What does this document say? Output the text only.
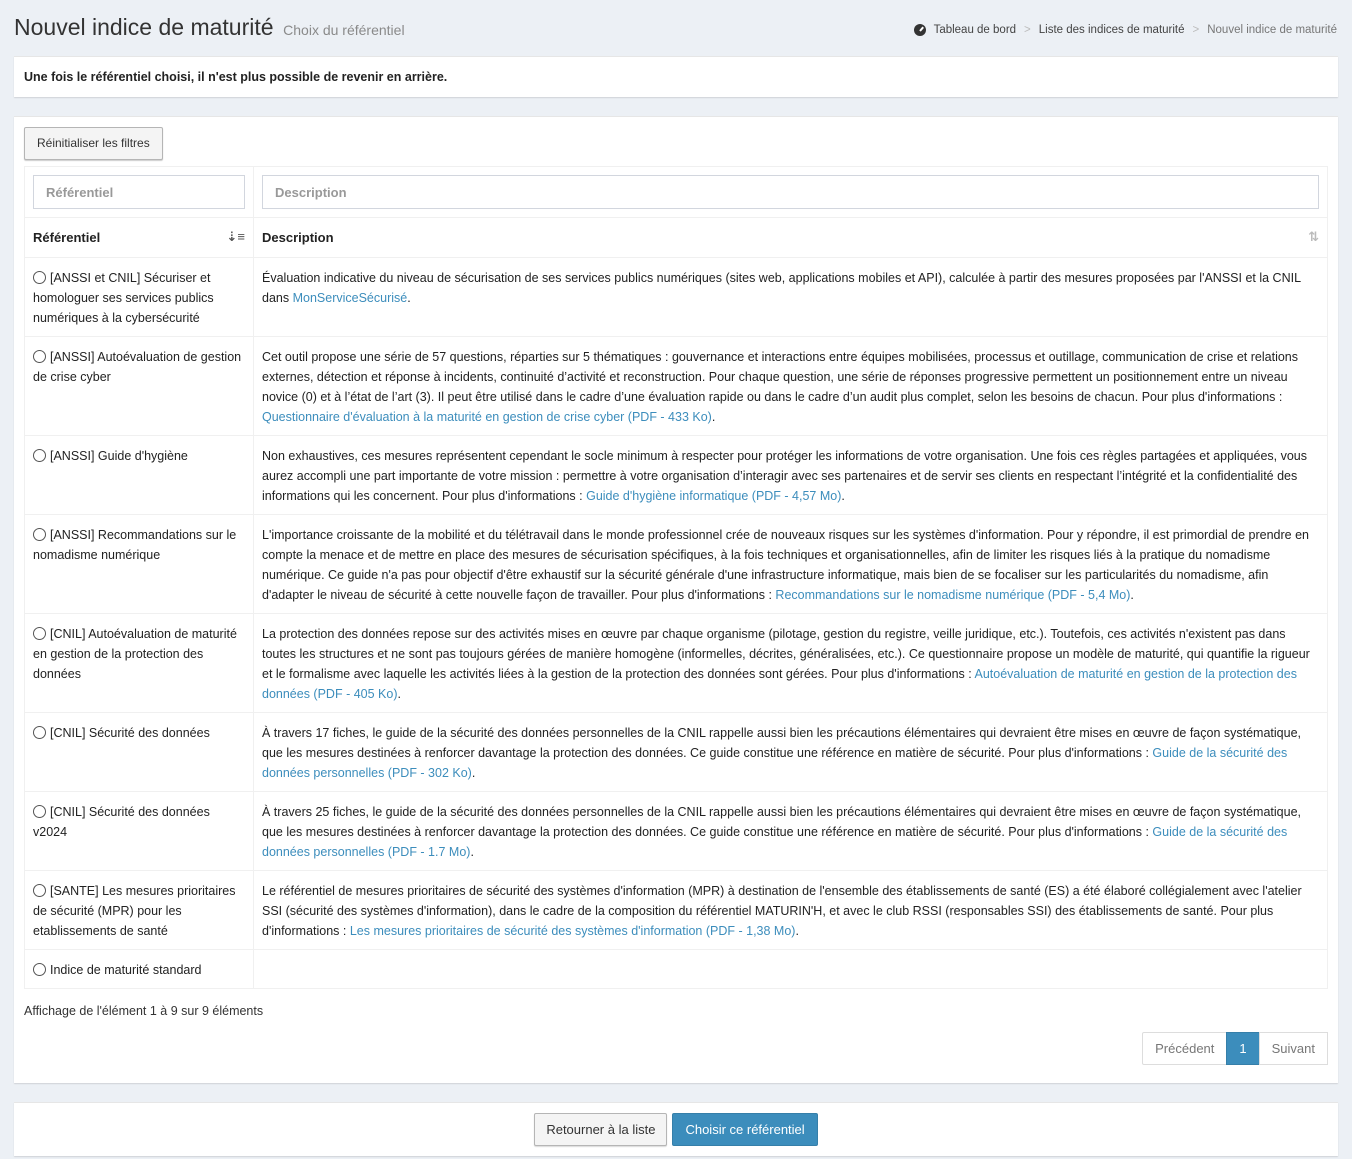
Nouvel indice de maturité Choix du référentiel	Tableau de bord > Liste des indices de maturité > Nouvel indice de maturité
Une fois le référentiel choisi, il n'est plus possible de revenir en arrière.
Réinitialiser les filtres
Référentiel	Description
Référentiel ⇣≡	Description ⇅

[ANSSI et CNIL] Sécuriser et homologuer ses services publics numériques à la cybersécurité	Évaluation indicative du niveau de sécurisation de ses services publics numériques (sites web, applications mobiles et API), calculée à partir des mesures proposées par l'ANSSI et la CNIL dans MonServiceSécurisé.
[ANSSI] Autoévaluation de gestion de crise cyber	Cet outil propose une série de 57 questions, réparties sur 5 thématiques : gouvernance et interactions entre équipes mobilisées, processus et outillage, communication de crise et relations externes, détection et réponse à incidents, continuité d’activité et reconstruction. Pour chaque question, une série de réponses progressive permettent un positionnement entre un niveau novice (0) et à l’état de l’art (3). Il peut être utilisé dans le cadre d’une évaluation rapide ou dans le cadre d’un audit plus complet, selon les besoins de chacun. Pour plus d'informations : Questionnaire d'évaluation à la maturité en gestion de crise cyber (PDF - 433 Ko).
[ANSSI] Guide d'hygiène	Non exhaustives, ces mesures représentent cependant le socle minimum à respecter pour protéger les informations de votre organisation. Une fois ces règles partagées et appliquées, vous aurez accompli une part importante de votre mission : permettre à votre organisation d’interagir avec ses partenaires et de servir ses clients en respectant l’intégrité et la confidentialité des informations qui les concernent. Pour plus d'informations : Guide d'hygiène informatique (PDF - 4,57 Mo).
[ANSSI] Recommandations sur le nomadisme numérique	L'importance croissante de la mobilité et du télétravail dans le monde professionnel crée de nouveaux risques sur les systèmes d'information. Pour y répondre, il est primordial de prendre en compte la menace et de mettre en place des mesures de sécurisation spécifiques, à la fois techniques et organisationnelles, afin de limiter les risques liés à la pratique du nomadisme numérique. Ce guide n'a pas pour objectif d'être exhaustif sur la sécurité générale d'une infrastructure informatique, mais bien de se focaliser sur les particularités du nomadisme, afin d'adapter le niveau de sécurité à cette nouvelle façon de travailler. Pour plus d'informations : Recommandations sur le nomadisme numérique (PDF - 5,4 Mo).
[CNIL] Autoévaluation de maturité en gestion de la protection des données	La protection des données repose sur des activités mises en œuvre par chaque organisme (pilotage, gestion du registre, veille juridique, etc.). Toutefois, ces activités n'existent pas dans toutes les structures et ne sont pas toujours gérées de manière homogène (informelles, décrites, généralisées, etc.). Ce questionnaire propose un modèle de maturité, qui quantifie la rigueur et le formalisme avec laquelle les activités liées à la gestion de la protection des données sont gérées. Pour plus d'informations : Autoévaluation de maturité en gestion de la protection des données (PDF - 405 Ko).
[CNIL] Sécurité des données	À travers 17 fiches, le guide de la sécurité des données personnelles de la CNIL rappelle aussi bien les précautions élémentaires qui devraient être mises en œuvre de façon systématique, que les mesures destinées à renforcer davantage la protection des données. Ce guide constitue une référence en matière de sécurité. Pour plus d'informations : Guide de la sécurité des données personnelles (PDF - 302 Ko).
[CNIL] Sécurité des données v2024	À travers 25 fiches, le guide de la sécurité des données personnelles de la CNIL rappelle aussi bien les précautions élémentaires qui devraient être mises en œuvre de façon systématique, que les mesures destinées à renforcer davantage la protection des données. Ce guide constitue une référence en matière de sécurité. Pour plus d'informations : Guide de la sécurité des données personnelles (PDF - 1.7 Mo).
[SANTE] Les mesures prioritaires de sécurité (MPR) pour les etablissements de santé	Le référentiel de mesures prioritaires de sécurité des systèmes d'information (MPR) à destination de l'ensemble des établissements de santé (ES) a été élaboré collégialement avec l'atelier SSI (sécurité des systèmes d'information), dans le cadre de la composition du référentiel MATURIN'H, et avec le club RSSI (responsables SSI) des établissements de santé. Pour plus d'informations : Les mesures prioritaires de sécurité des systèmes d'information (PDF - 1,38 Mo).
Indice de maturité standard	
Affichage de l'élément 1 à 9 sur 9 éléments
Précédent	1	Suivant
Retourner à la liste	Choisir ce référentiel
